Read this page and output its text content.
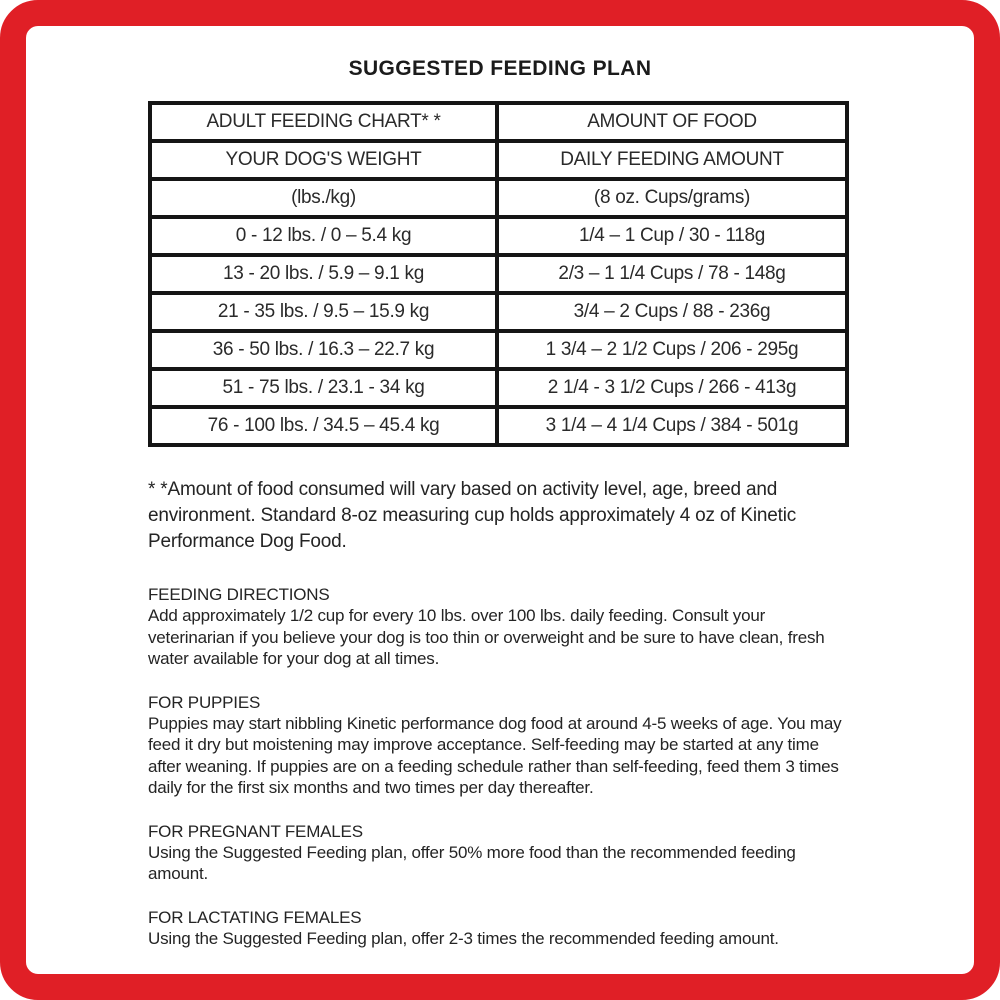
SUGGESTED FEEDING PLAN
ADULT FEEDING CHART* *	AMOUNT OF FOOD
YOUR DOG'S WEIGHT	DAILY FEEDING AMOUNT
(lbs./kg)	(8 oz. Cups/grams)
0 - 12 lbs. / 0 – 5.4 kg	1/4 – 1 Cup / 30 - 118g
13 - 20 lbs. / 5.9 – 9.1 kg	2/3 – 1 1/4 Cups / 78 - 148g
21 - 35 lbs. / 9.5 – 15.9 kg	3/4 – 2 Cups / 88 - 236g
36 - 50 lbs. / 16.3 – 22.7 kg	1 3/4 – 2 1/2 Cups / 206 - 295g
51 - 75 lbs. / 23.1 - 34 kg	2 1/4 - 3 1/2 Cups / 266 - 413g
76 - 100 lbs. / 34.5 – 45.4 kg	3 1/4 – 4 1/4 Cups / 384 - 501g

* *Amount of food consumed will vary based on activity level, age, breed and environment. Standard 8-oz measuring cup holds approximately 4 oz of Kinetic Performance Dog Food.

FEEDING DIRECTIONS
Add approximately 1/2 cup for every 10 lbs. over 100 lbs. daily feeding. Consult your veterinarian if you believe your dog is too thin or overweight and be sure to have clean, fresh water available for your dog at all times.
FOR PUPPIES
Puppies may start nibbling Kinetic performance dog food at around 4-5 weeks of age. You may feed it dry but moistening may improve acceptance. Self-feeding may be started at any time after weaning. If puppies are on a feeding schedule rather than self-feeding, feed them 3 times daily for the first six months and two times per day thereafter.
FOR PREGNANT FEMALES
Using the Suggested Feeding plan, offer 50% more food than the recommended feeding amount.
FOR LACTATING FEMALES
Using the Suggested Feeding plan, offer 2-3 times the recommended feeding amount.
